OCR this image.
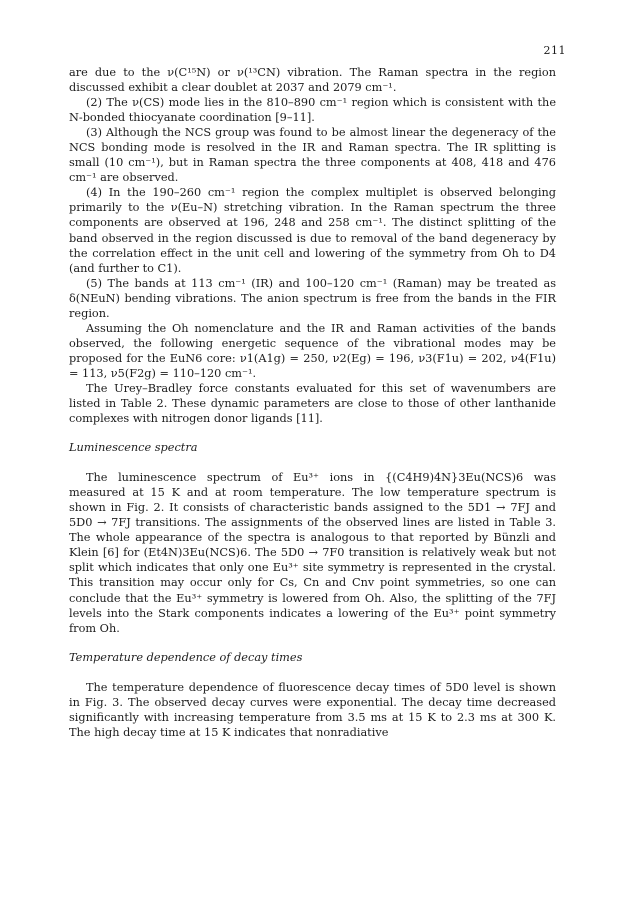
211

are due to the ν(C¹⁵N) or ν(¹³CN) vibration. The Raman spectra in the region discussed exhibit a clear doublet at 2037 and 2079 cm⁻¹.

(2) The ν(CS) mode lies in the 810–890 cm⁻¹ region which is consistent with the N-bonded thiocyanate coordination [9–11].

(3) Although the NCS group was found to be almost linear the degeneracy of the NCS bonding mode is resolved in the IR and Raman spectra. The IR splitting is small (10 cm⁻¹), but in Raman spectra the three components at 408, 418 and 476 cm⁻¹ are observed.

(4) In the 190–260 cm⁻¹ region the complex multiplet is observed belonging primarily to the ν(Eu–N) stretching vibration. In the Raman spectrum the three components are observed at 196, 248 and 258 cm⁻¹. The distinct splitting of the band observed in the region discussed is due to removal of the band degeneracy by the correlation effect in the unit cell and lowering of the symmetry from Oh to D4 (and further to C1).

(5) The bands at 113 cm⁻¹ (IR) and 100–120 cm⁻¹ (Raman) may be treated as δ(NEuN) bending vibrations. The anion spectrum is free from the bands in the FIR region.

Assuming the Oh nomenclature and the IR and Raman activities of the bands observed, the following energetic sequence of the vibrational modes may be proposed for the EuN6 core: ν1(A1g) = 250, ν2(Eg) = 196, ν3(F1u) = 202, ν4(F1u) = 113, ν5(F2g) = 110–120 cm⁻¹.

The Urey–Bradley force constants evaluated for this set of wavenumbers are listed in Table 2. These dynamic parameters are close to those of other lanthanide complexes with nitrogen donor ligands [11].

Luminescence spectra

The luminescence spectrum of Eu³⁺ ions in {(C4H9)4N}3Eu(NCS)6 was measured at 15 K and at room temperature. The low temperature spectrum is shown in Fig. 2. It consists of characteristic bands assigned to the 5D1 → 7FJ and 5D0 → 7FJ transitions. The assignments of the observed lines are listed in Table 3. The whole appearance of the spectra is analogous to that reported by Bünzli and Klein [6] for (Et4N)3Eu(NCS)6. The 5D0 → 7F0 transition is relatively weak but not split which indicates that only one Eu³⁺ site symmetry is represented in the crystal. This transition may occur only for Cs, Cn and Cnv point symmetries, so one can conclude that the Eu³⁺ symmetry is lowered from Oh. Also, the splitting of the 7FJ levels into the Stark components indicates a lowering of the Eu³⁺ point symmetry from Oh.

Temperature dependence of decay times

The temperature dependence of fluorescence decay times of 5D0 level is shown in Fig. 3. The observed decay curves were exponential. The decay time decreased significantly with increasing temperature from 3.5 ms at 15 K to 2.3 ms at 300 K. The high decay time at 15 K indicates that nonradiative
